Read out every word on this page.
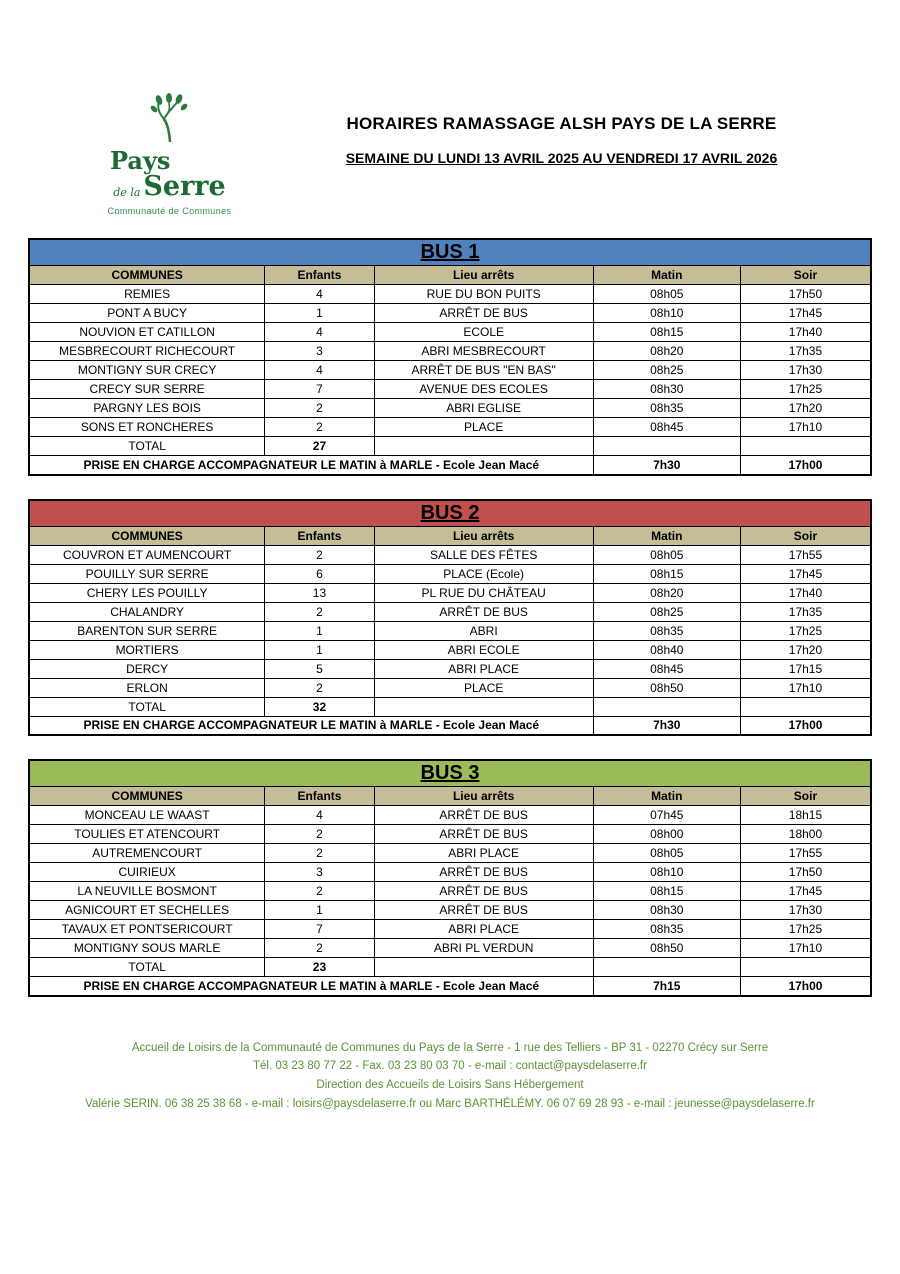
Pays
de la Serre
Communauté de Communes
HORAIRES RAMASSAGE ALSH PAYS DE LA SERRE
SEMAINE DU LUNDI 13 AVRIL 2025 AU VENDREDI 17 AVRIL 2026
BUS 1				
COMMUNES	Enfants	Lieu arrêts	Matin	Soir
REMIES	4	RUE DU BON PUITS	08h05	17h50
PONT A BUCY	1	ARRÊT DE BUS	08h10	17h45
NOUVION ET CATILLON	4	ECOLE	08h15	17h40
MESBRECOURT RICHECOURT	3	ABRI MESBRECOURT	08h20	17h35
MONTIGNY SUR CRECY	4	ARRÊT DE BUS "EN BAS"	08h25	17h30
CRECY SUR SERRE	7	AVENUE DES ECOLES	08h30	17h25
PARGNY LES BOIS	2	ABRI EGLISE	08h35	17h20
SONS ET RONCHERES	2	PLACE	08h45	17h10
TOTAL	27			
PRISE EN CHARGE ACCOMPAGNATEUR LE MATIN à MARLE - Ecole Jean Macé			7h30	17h00
BUS 2				
COMMUNES	Enfants	Lieu arrêts	Matin	Soir
COUVRON ET AUMENCOURT	2	SALLE DES FÊTES	08h05	17h55
POUILLY SUR SERRE	6	PLACE (Ecole)	08h15	17h45
CHERY LES POUILLY	13	PL RUE DU CHÂTEAU	08h20	17h40
CHALANDRY	2	ARRÊT DE BUS	08h25	17h35
BARENTON SUR SERRE	1	ABRI	08h35	17h25
MORTIERS	1	ABRI ECOLE	08h40	17h20
DERCY	5	ABRI PLACE	08h45	17h15
ERLON	2	PLACE	08h50	17h10
TOTAL	32			
PRISE EN CHARGE ACCOMPAGNATEUR LE MATIN à MARLE - Ecole Jean Macé			7h30	17h00
BUS 3				
COMMUNES	Enfants	Lieu arrêts	Matin	Soir
MONCEAU LE WAAST	4	ARRÊT DE BUS	07h45	18h15
TOULIES ET ATENCOURT	2	ARRÊT DE BUS	08h00	18h00
AUTREMENCOURT	2	ABRI PLACE	08h05	17h55
CUIRIEUX	3	ARRÊT DE BUS	08h10	17h50
LA NEUVILLE BOSMONT	2	ARRÊT DE BUS	08h15	17h45
AGNICOURT ET SECHELLES	1	ARRÊT DE BUS	08h30	17h30
TAVAUX ET PONTSERICOURT	7	ABRI PLACE	08h35	17h25
MONTIGNY SOUS MARLE	2	ABRI PL VERDUN	08h50	17h10
TOTAL	23			
PRISE EN CHARGE ACCOMPAGNATEUR LE MATIN à MARLE - Ecole Jean Macé			7h15	17h00
Accueil de Loisirs de la Communauté de Communes du Pays de la Serre - 1 rue des Telliers - BP 31 - 02270 Crécy sur Serre
Tél. 03 23 80 77 22 - Fax. 03 23 80 03 70 - e-mail : contact@paysdelaserre.fr
Direction des Accueils de Loisirs Sans Hébergement
Valérie SERIN. 06 38 25 38 68 - e-mail : loisirs@paysdelaserre.fr ou Marc BARTHÉLÉMY. 06 07 69 28 93 - e-mail : jeunesse@paysdelaserre.fr
